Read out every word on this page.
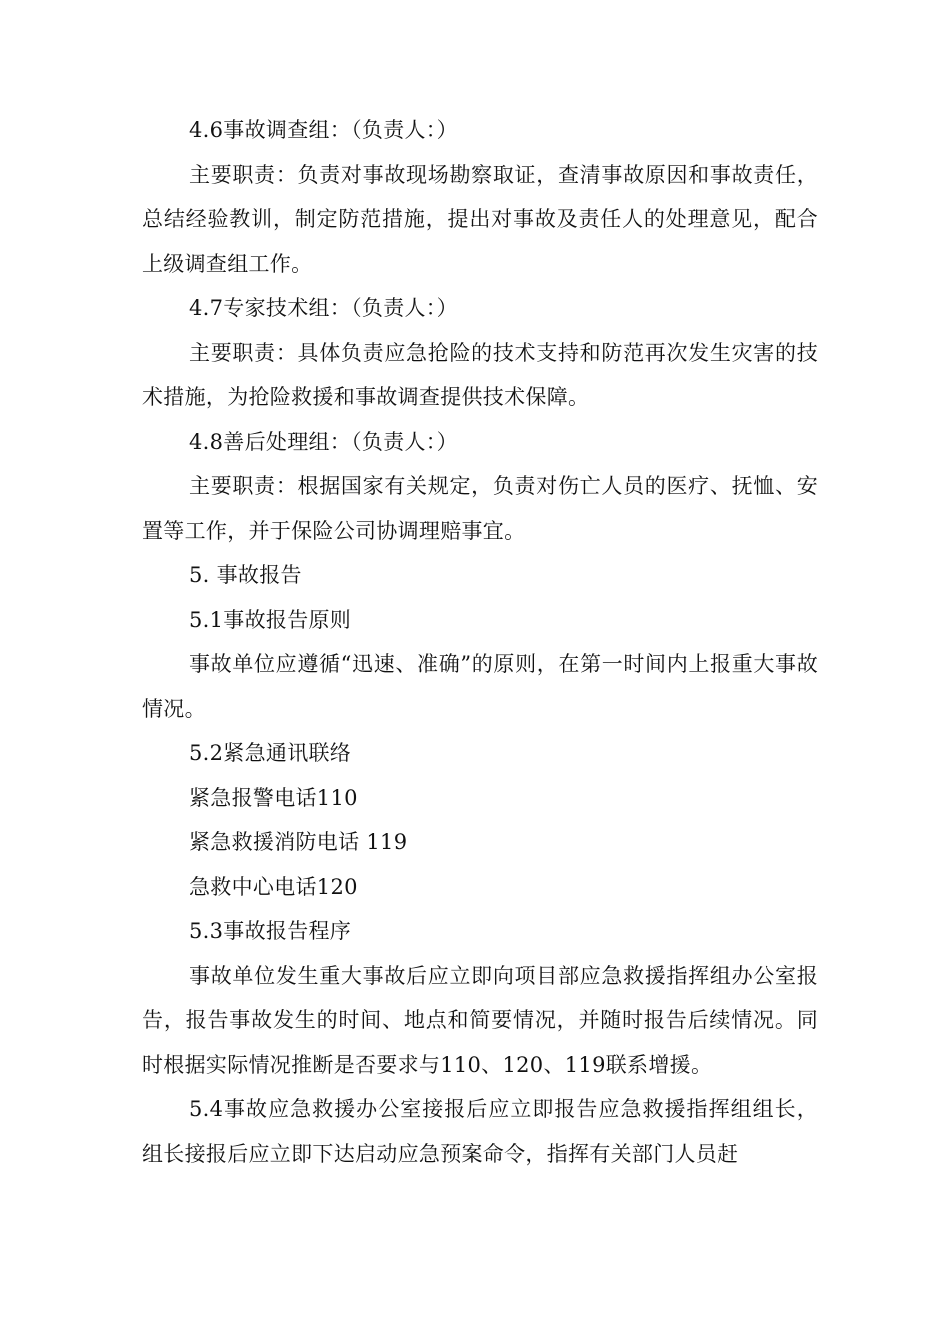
4.6事故调查组：（负责人：）

主要职责：负责对事故现场勘察取证，查清事故原因和事故责任，总结经验教训，制定防范措施，提出对事故及责任人的处理意见，配合上级调查组工作。

4.7专家技术组：（负责人：）

主要职责：具体负责应急抢险的技术支持和防范再次发生灾害的技术措施，为抢险救援和事故调查提供技术保障。

4.8善后处理组：（负责人：）

主要职责：根据国家有关规定，负责对伤亡人员的医疗、抚恤、安置等工作，并于保险公司协调理赔事宜。

5. 事故报告

5.1事故报告原则

事故单位应遵循“迅速、准确”的原则，在第一时间内上报重大事故情况。

5.2紧急通讯联络

紧急报警电话110

紧急救援消防电话 119

急救中心电话120

5.3事故报告程序

事故单位发生重大事故后应立即向项目部应急救援指挥组办公室报告，报告事故发生的时间、地点和简要情况，并随时报告后续情况。同时根据实际情况推断是否要求与110、120、119联系增援。

5.4事故应急救援办公室接报后应立即报告应急救援指挥组组长，组长接报后应立即下达启动应急预案命令，指挥有关部门人员赶
